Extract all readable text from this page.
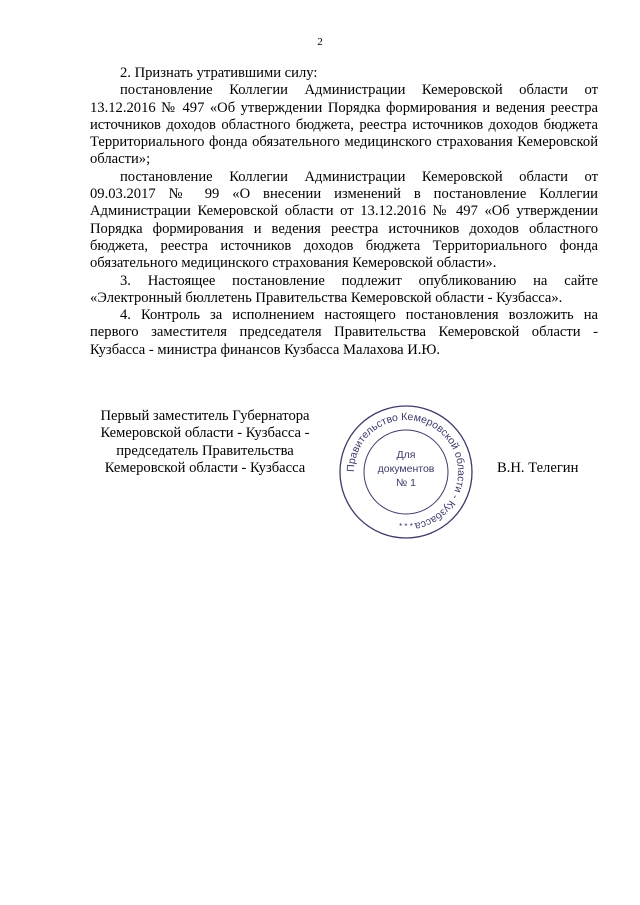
2

2. Признать утратившими силу:

постановление Коллегии Администрации Кемеровской области от 13.12.2016 № 497 «Об утверждении Порядка формирования и ведения реестра источников доходов областного бюджета, реестра источников доходов бюджета Территориального фонда обязательного медицинского страхования Кемеровской области»;

постановление Коллегии Администрации Кемеровской области от 09.03.2017 № 99 «О внесении изменений в постановление Коллегии Администрации Кемеровской области от 13.12.2016 № 497 «Об утверждении Порядка формирования и ведения реестра источников доходов областного бюджета, реестра источников доходов бюджета Территориального фонда обязательного медицинского страхования Кемеровской области».

3. Настоящее постановление подлежит опубликованию на сайте «Электронный бюллетень Правительства Кемеровской области - Кузбасса».

4. Контроль за исполнением настоящего постановления возложить на первого заместителя председателя Правительства Кемеровской области - Кузбасса - министра финансов Кузбасса Малахова И.Ю.

Первый заместитель Губернатора
Кемеровской области - Кузбасса -
председатель Правительства
Кемеровской области - Кузбасса	Правительство Кемеровской области - Кузбасса
Для
документов
№ 1
* * *
В.Н. Телегин
